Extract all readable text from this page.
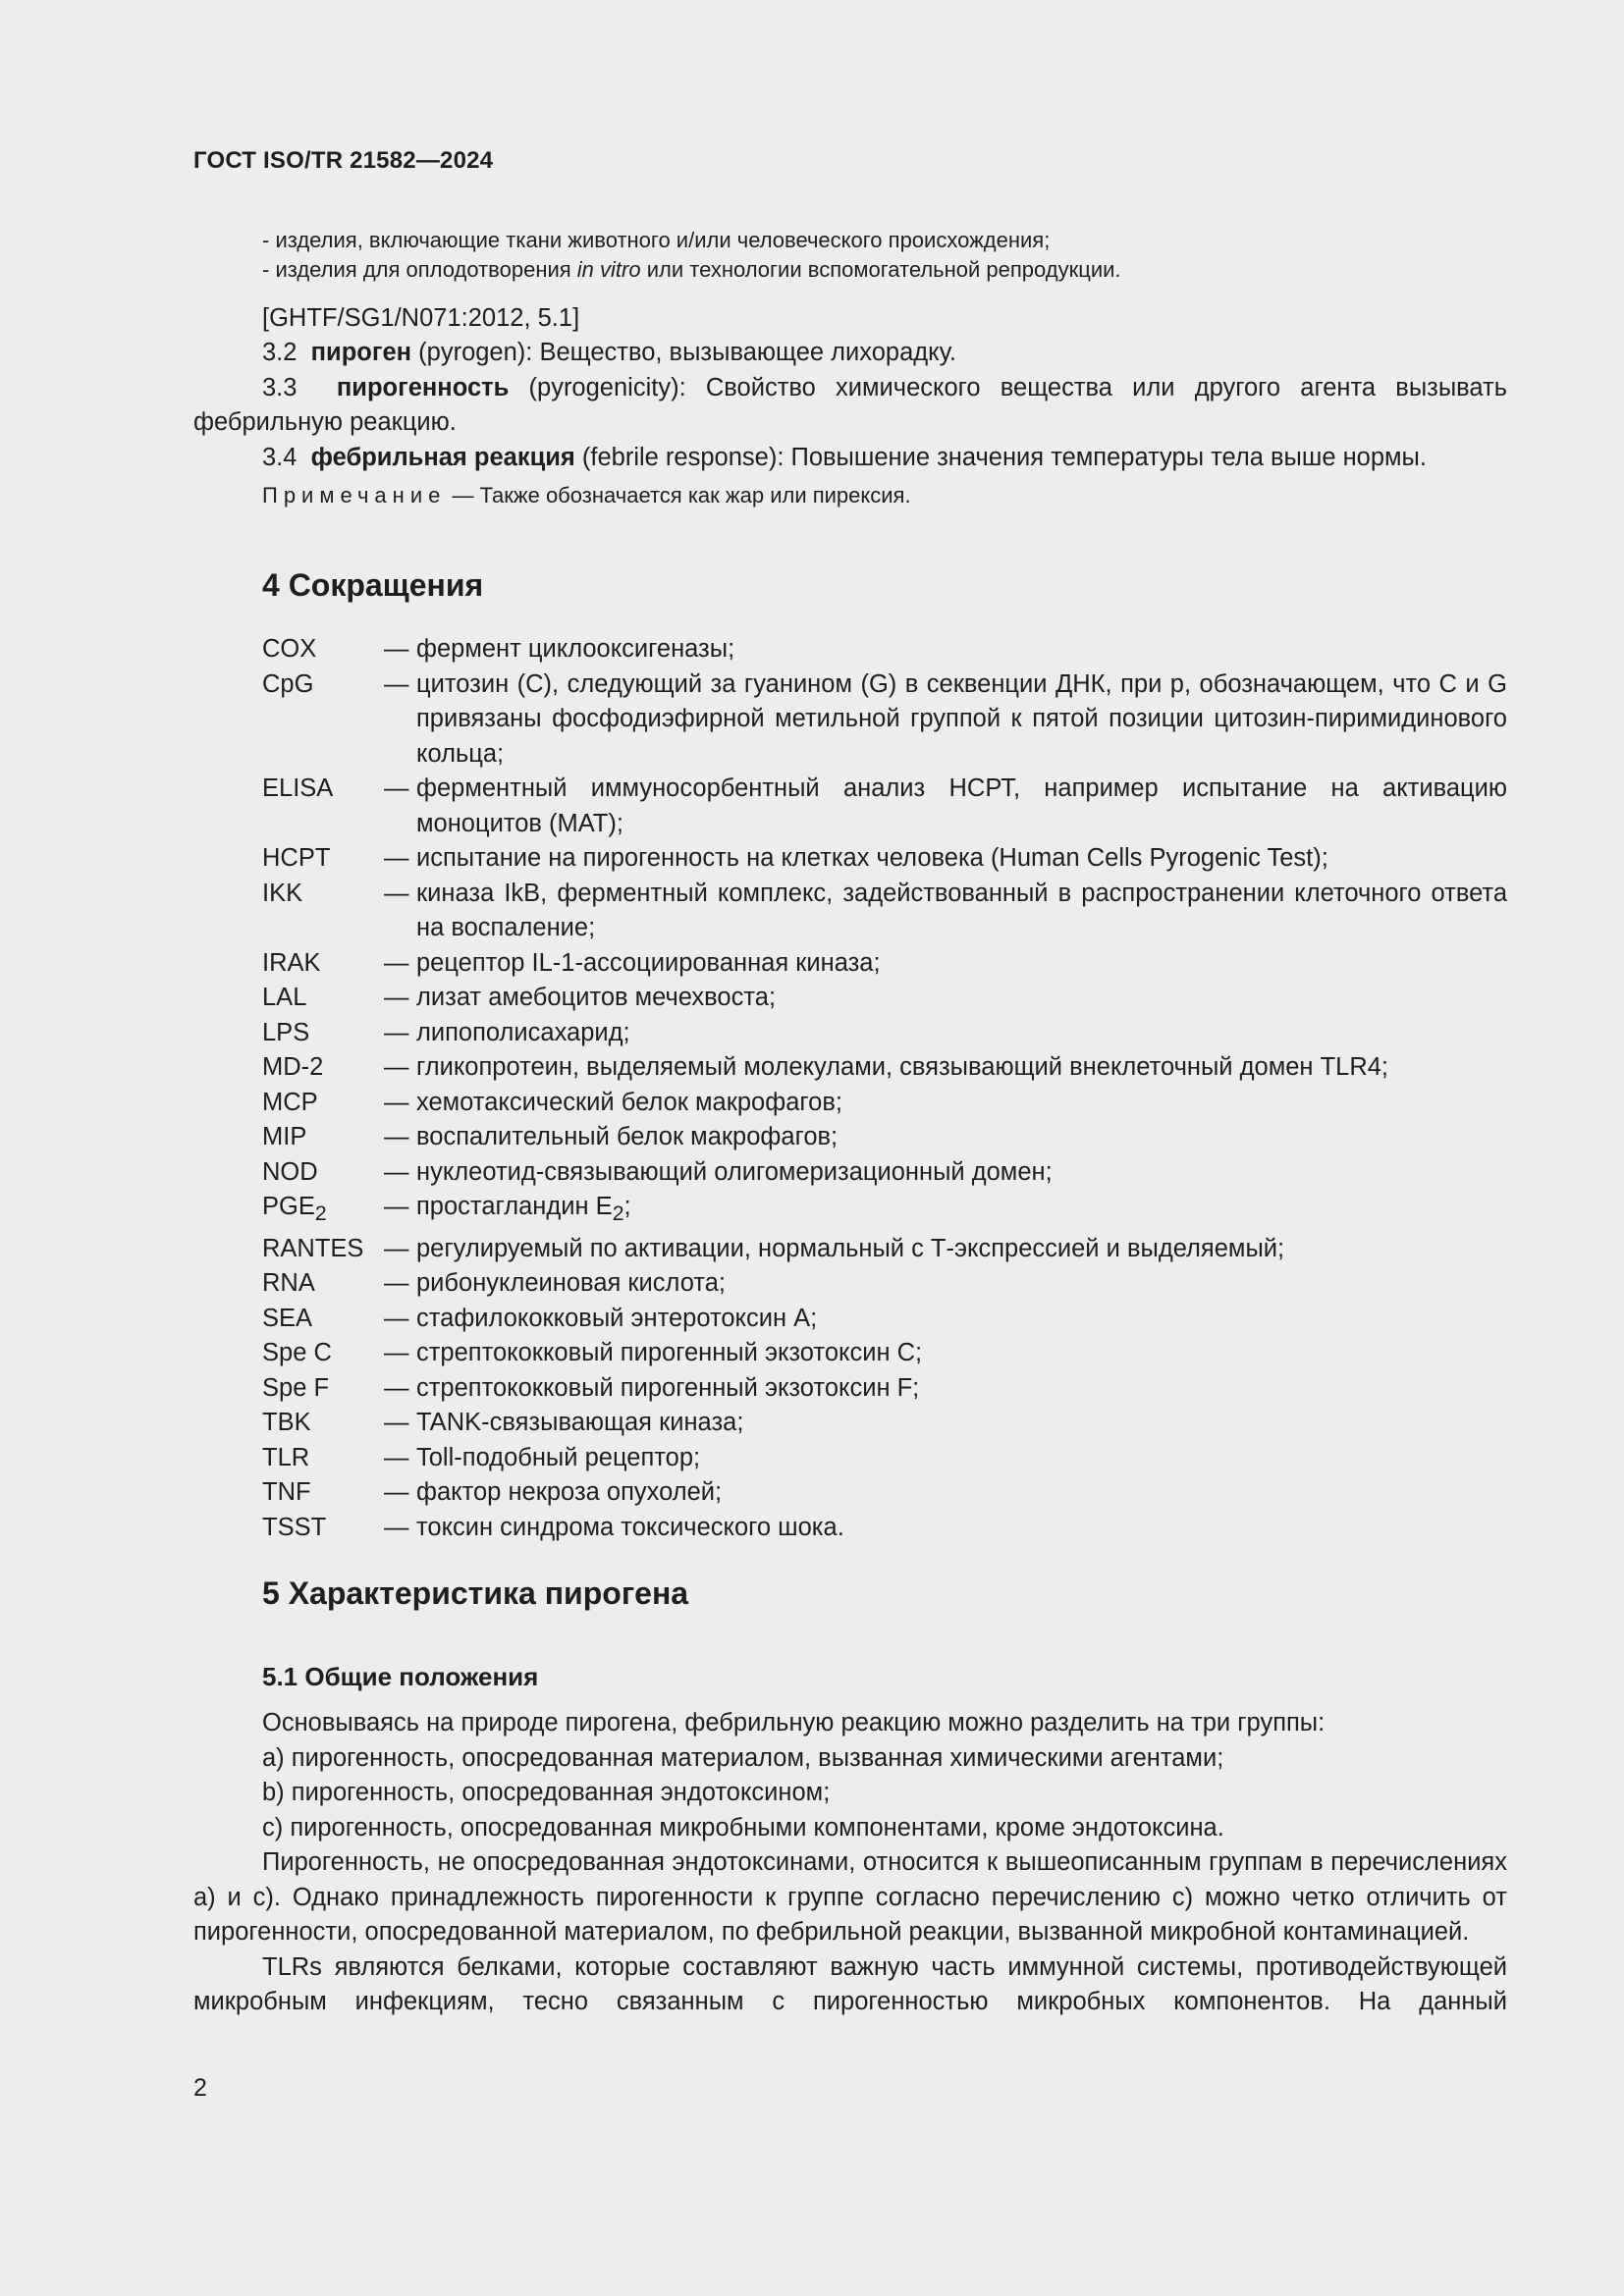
ГОСТ ISO/TR 21582—2024
- изделия, включающие ткани животного и/или человеческого происхождения;
- изделия для оплодотворения in vitro или технологии вспомогательной репродукции.
[GHTF/SG1/N071:2012, 5.1]
3.2 пироген (pyrogen): Вещество, вызывающее лихорадку.
3.3 пирогенность (pyrogenicity): Свойство химического вещества или другого агента вызывать фебрильную реакцию.
3.4 фебрильная реакция (febrile response): Повышение значения температуры тела выше нормы.
Примечание — Также обозначается как жар или пирексия.
4 Сокращения
COX	— фермент циклооксигеназы;
CpG	— цитозин (С), следующий за гуанином (G) в секвенции ДНК, при р, обозначающем, что С и G привязаны фосфодиэфирной метильной группой к пятой позиции цитозин-пиримидинового кольца;
ELISA	— ферментный иммуносорбентный анализ НСРТ, например испытание на активацию моноцитов (МАТ);
HCPT	— испытание на пирогенность на клетках человека (Human Cells Pyrogenic Test);
IKK	— киназа IkB, ферментный комплекс, задействованный в распространении клеточного ответа на воспаление;
IRAK	— рецептор IL-1-ассоциированная киназа;
LAL	— лизат амебоцитов мечехвоста;
LPS	— липополисахарид;
MD-2	— гликопротеин, выделяемый молекулами, связывающий внеклеточный домен TLR4;
MCP	— хемотаксический белок макрофагов;
MIP	— воспалительный белок макрофагов;
NOD	— нуклеотид-связывающий олигомеризационный домен;
$PGE_2$	— простагландин $E_2$;
RANTES — регулируемый по активации, нормальный с Т-экспрессией и выделяемый;
RNA	— рибонуклеиновая кислота;
SEA	— стафилококковый энтеротоксин А;
Spe C	— стрептококковый пирогенный экзотоксин С;
Spe F	— стрептококковый пирогенный экзотоксин F;
TBK	— TANK-связывающая киназа;
TLR	— Toll-подобный рецептор;
TNF	— фактор некроза опухолей;
TSST	— токсин синдрома токсического шока.
5 Характеристика пирогена
5.1 Общие положения
Основываясь на природе пирогена, фебрильную реакцию можно разделить на три группы:
a) пирогенность, опосредованная материалом, вызванная химическими агентами;
b) пирогенность, опосредованная эндотоксином;
c) пирогенность, опосредованная микробными компонентами, кроме эндотоксина.
Пирогенность, не опосредованная эндотоксинами, относится к вышеописанным группам в перечислениях а) и с). Однако принадлежность пирогенности к группе согласно перечислению с) можно четко отличить от пирогенности, опосредованной материалом, по фебрильной реакции, вызванной микробной контаминацией.
TLRs являются белками, которые составляют важную часть иммунной системы, противодействующей микробным инфекциям, тесно связанным с пирогенностью микробных компонентов. На данный
2
